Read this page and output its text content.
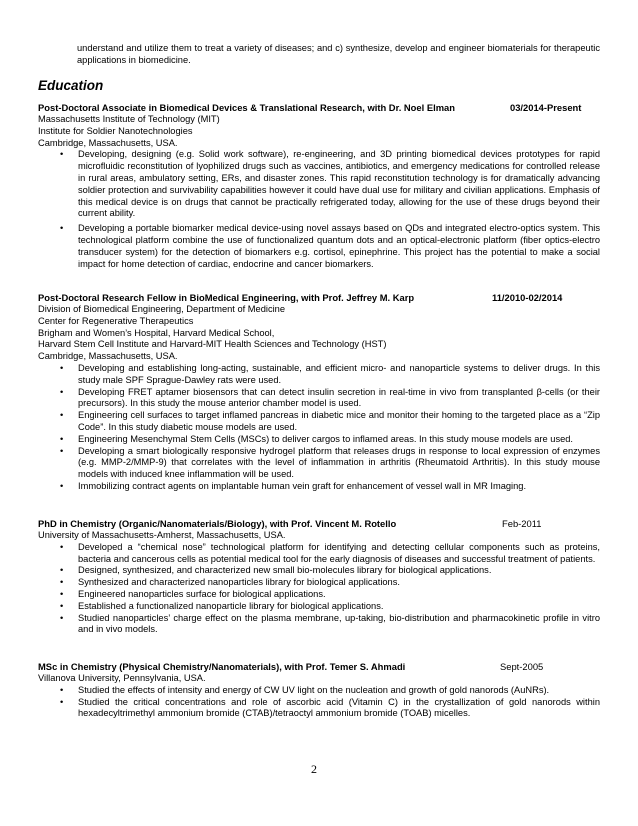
understand and utilize them to treat a variety of diseases; and c) synthesize, develop and engineer biomaterials for therapeutic applications in biomedicine.
Education
Post-Doctoral Associate in Biomedical Devices & Translational Research, with Dr. Noel Elman	03/2014-Present
Massachusetts Institute of Technology (MIT)
Institute for Soldier Nanotechnologies
Cambridge, Massachusetts, USA.
• Developing, designing (e.g. Solid work software), re-engineering, and 3D printing biomedical devices prototypes for rapid microfluidic reconstitution of lyophilized drugs such as vaccines, antibiotics, and emergency medications for controlled release in rural areas, ambulatory setting, ERs, and disaster zones. This rapid reconstitution technology is for dramatically advancing soldier protection and survivability capabilities however it could have dual use for military and civilian applications. Emphasis of this medical device is on drugs that cannot be practically refrigerated today, allowing for the use of these drugs beyond their current ability.
• Developing a portable biomarker medical device-using novel assays based on QDs and integrated electro-optics system. This technological platform combine the use of functionalized quantum dots and an optical-electronic platform (fiber optics-electro transducer system) for the detection of biomarkers e.g. cortisol, epinephrine. This project has the potential to make a social impact for home detection of cardiac, endocrine and cancer biomarkers.
Post-Doctoral Research Fellow in BioMedical Engineering, with Prof. Jeffrey M. Karp	11/2010-02/2014
Division of Biomedical Engineering, Department of Medicine
Center for Regenerative Therapeutics
Brigham and Women’s Hospital, Harvard Medical School,
Harvard Stem Cell Institute and Harvard-MIT Health Sciences and Technology (HST)
Cambridge, Massachusetts, USA.
• Developing and establishing long-acting, sustainable, and efficient micro- and nanoparticle systems to deliver drugs. In this study male SPF Sprague-Dawley rats were used.
• Developing FRET aptamer biosensors that can detect insulin secretion in real-time in vivo from transplanted β-cells (or their precursors). In this study the mouse anterior chamber model is used.
• Engineering cell surfaces to target inflamed pancreas in diabetic mice and monitor their homing to the targeted place as a “Zip Code”. In this study diabetic mouse models are used.
• Engineering Mesenchymal Stem Cells (MSCs) to deliver cargos to inflamed areas. In this study mouse models are used.
• Developing a smart biologically responsive hydrogel platform that releases drugs in response to local expression of enzymes (e.g. MMP-2/MMP-9) that correlates with the level of inflammation in arthritis (Rheumatoid Arthritis). In this study mouse models with induced knee inflammation will be used.
• Immobilizing contract agents on implantable human vein graft for enhancement of vessel wall in MR Imaging.
PhD in Chemistry (Organic/Nanomaterials/Biology), with Prof. Vincent M. Rotello	Feb-2011
University of Massachusetts-Amherst, Massachusetts, USA.
• Developed a “chemical nose” technological platform for identifying and detecting cellular components such as proteins, bacteria and cancerous cells as potential medical tool for the early diagnosis of diseases and successful treatment of patients.
• Designed, synthesized, and characterized new small bio-molecules library for biological applications.
• Synthesized and characterized nanoparticles library for biological applications.
• Engineered nanoparticles surface for biological applications.
• Established a functionalized nanoparticle library for biological applications.
• Studied nanoparticles’ charge effect on the plasma membrane, up-taking, bio-distribution and pharmacokinetic profile in vitro and in vivo models.
MSc in Chemistry (Physical Chemistry/Nanomaterials), with Prof. Temer S. Ahmadi	Sept-2005
Villanova University, Pennsylvania, USA.
• Studied the effects of intensity and energy of CW UV light on the nucleation and growth of gold nanorods (AuNRs).
• Studied the critical concentrations and role of ascorbic acid (Vitamin C) in the crystallization of gold nanorods within hexadecyltrimethyl ammonium bromide (CTAB)/tetraoctyl ammonium bromide (TOAB) micelles.
2
